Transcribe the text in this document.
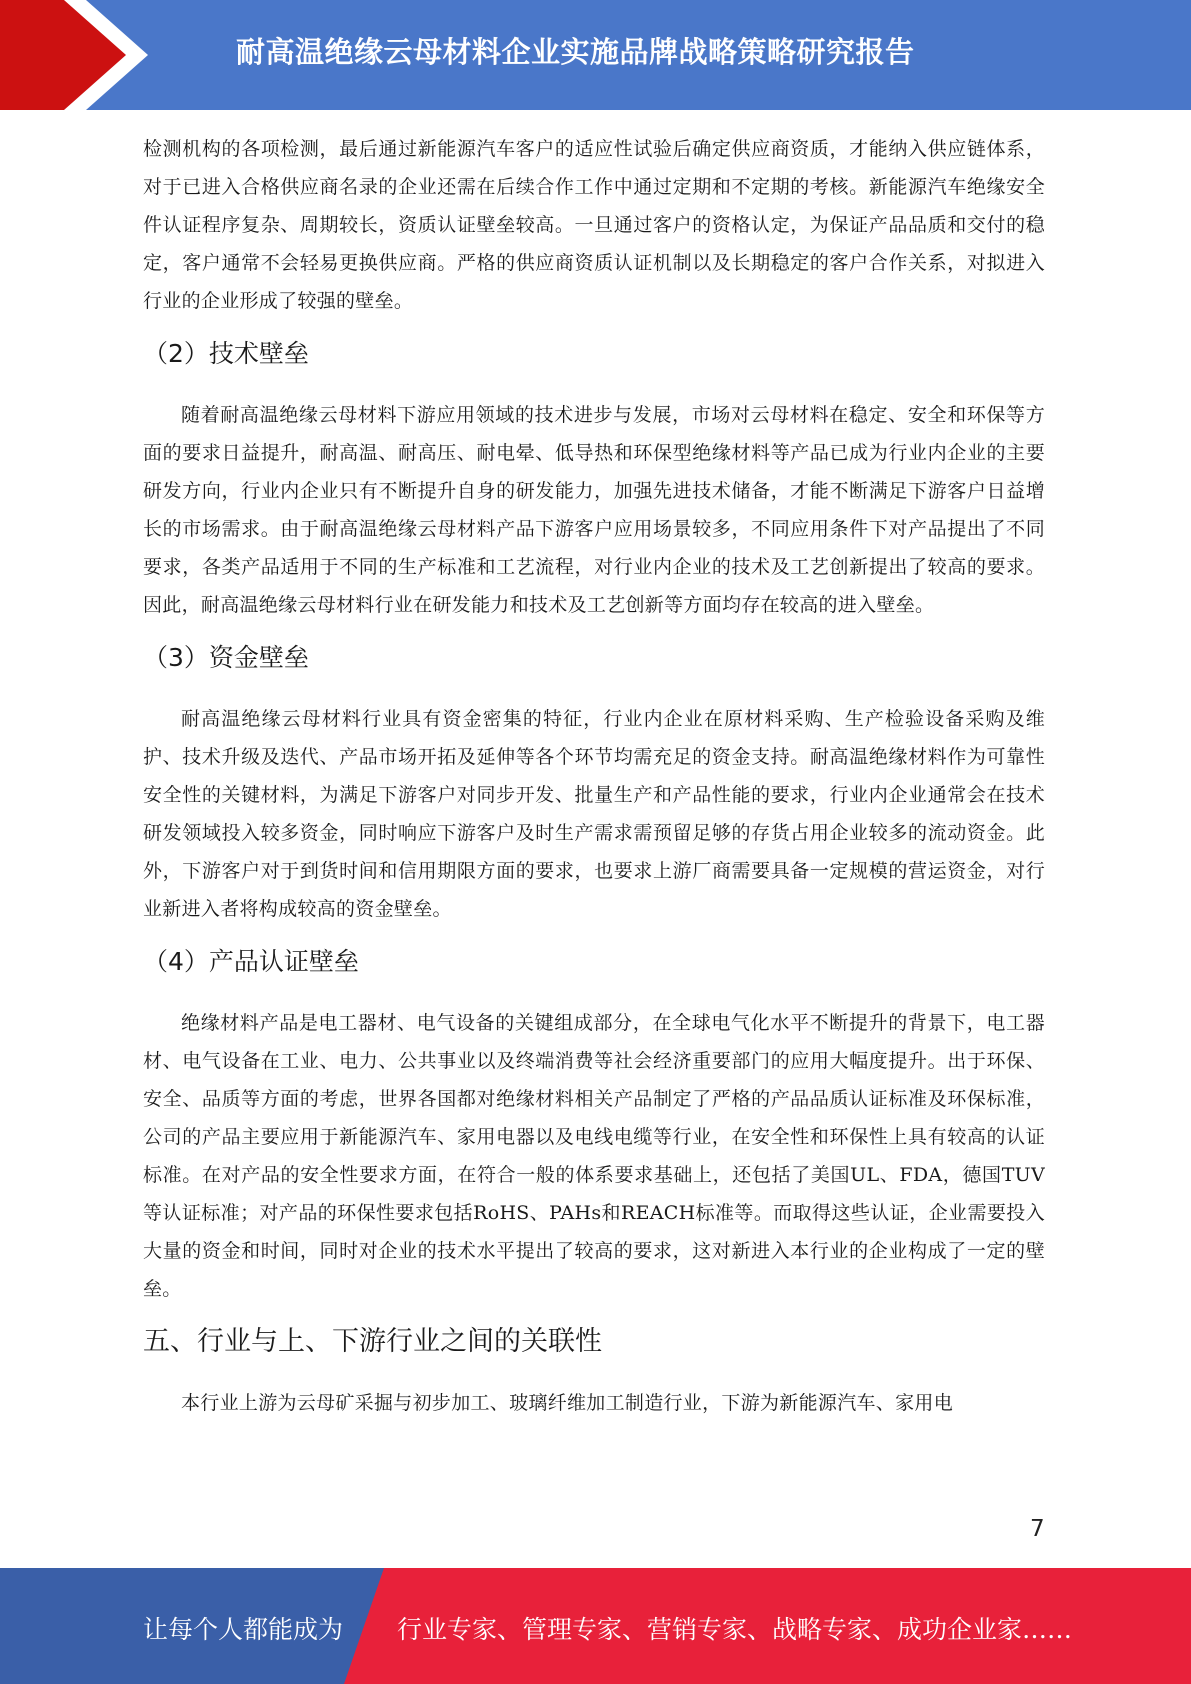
耐高温绝缘云母材料企业实施品牌战略策略研究报告

检测机构的各项检测，最后通过新能源汽车客户的适应性试验后确定供应商资质，才能纳入供应链体系，对于已进入合格供应商名录的企业还需在后续合作工作中通过定期和不定期的考核。新能源汽车绝缘安全件认证程序复杂、周期较长，资质认证壁垒较高。一旦通过客户的资格认定，为保证产品品质和交付的稳定，客户通常不会轻易更换供应商。严格的供应商资质认证机制以及长期稳定的客户合作关系，对拟进入行业的企业形成了较强的壁垒。

（2）技术壁垒

随着耐高温绝缘云母材料下游应用领域的技术进步与发展，市场对云母材料在稳定、安全和环保等方面的要求日益提升，耐高温、耐高压、耐电晕、低导热和环保型绝缘材料等产品已成为行业内企业的主要研发方向，行业内企业只有不断提升自身的研发能力，加强先进技术储备，才能不断满足下游客户日益增长的市场需求。由于耐高温绝缘云母材料产品下游客户应用场景较多，不同应用条件下对产品提出了不同要求，各类产品适用于不同的生产标准和工艺流程，对行业内企业的技术及工艺创新提出了较高的要求。因此，耐高温绝缘云母材料行业在研发能力和技术及工艺创新等方面均存在较高的进入壁垒。

（3）资金壁垒

耐高温绝缘云母材料行业具有资金密集的特征，行业内企业在原材料采购、生产检验设备采购及维护、技术升级及迭代、产品市场开拓及延伸等各个环节均需充足的资金支持。耐高温绝缘材料作为可靠性安全性的关键材料，为满足下游客户对同步开发、批量生产和产品性能的要求，行业内企业通常会在技术研发领域投入较多资金，同时响应下游客户及时生产需求需预留足够的存货占用企业较多的流动资金。此外，下游客户对于到货时间和信用期限方面的要求，也要求上游厂商需要具备一定规模的营运资金，对行业新进入者将构成较高的资金壁垒。

（4）产品认证壁垒

绝缘材料产品是电工器材、电气设备的关键组成部分，在全球电气化水平不断提升的背景下，电工器材、电气设备在工业、电力、公共事业以及终端消费等社会经济重要部门的应用大幅度提升。出于环保、安全、品质等方面的考虑，世界各国都对绝缘材料相关产品制定了严格的产品品质认证标准及环保标准，公司的产品主要应用于新能源汽车、家用电器以及电线电缆等行业，在安全性和环保性上具有较高的认证标准。在对产品的安全性要求方面，在符合一般的体系要求基础上，还包括了美国UL、FDA，德国TUV等认证标准；对产品的环保性要求包括RoHS、PAHs和REACH标准等。而取得这些认证，企业需要投入大量的资金和时间，同时对企业的技术水平提出了较高的要求，这对新进入本行业的企业构成了一定的壁垒。

五、行业与上、下游行业之间的关联性

本行业上游为云母矿采掘与初步加工、玻璃纤维加工制造行业，下游为新能源汽车、家用电

7
让每个人都能成为 行业专家、管理专家、营销专家、战略专家、成功企业家……
